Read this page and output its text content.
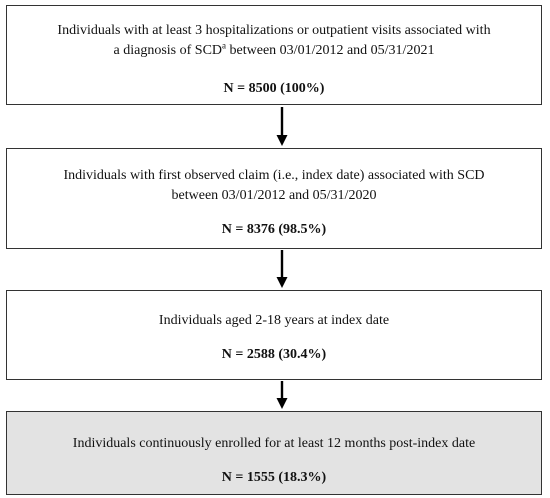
Individuals with at least 3 hospitalizations or outpatient visits associated with
a diagnosis of SCD$^a$ between 03/01/2012 and 05/31/2021
N = 8500 (100%)
Individuals with first observed claim (i.e., index date) associated with SCD
between 03/01/2012 and 05/31/2020
N = 8376 (98.5%)
Individuals aged 2-18 years at index date
N = 2588 (30.4%)
Individuals continuously enrolled for at least 12 months post-index date
N = 1555 (18.3%)
